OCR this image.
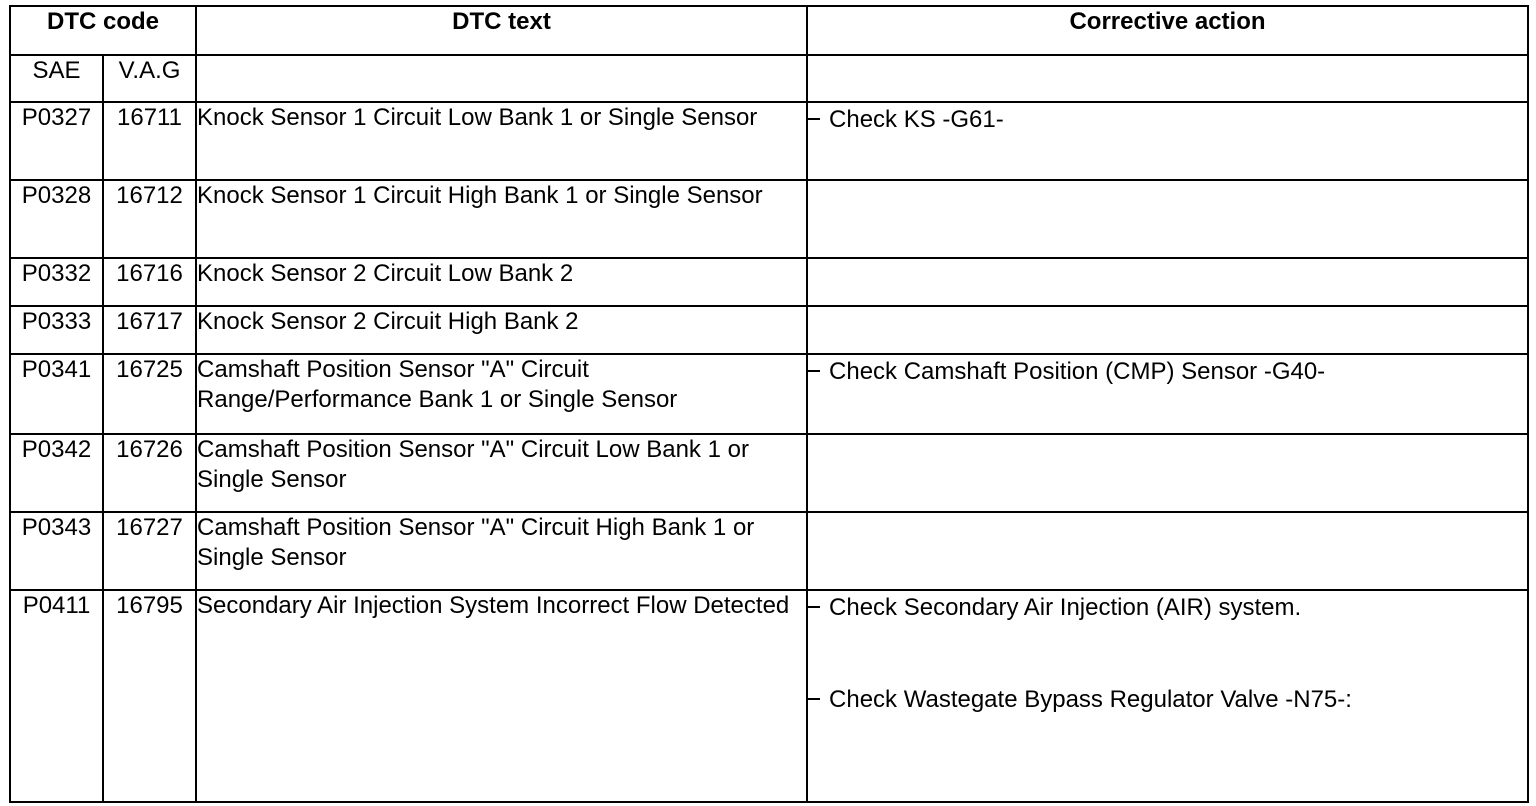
DTC code		DTC text	Corrective action
SAE	V.A.G		
P0327	16711	Knock Sensor 1 Circuit Low Bank 1 or Single Sensor	Check KS -G61-

P0328	16712	Knock Sensor 1 Circuit High Bank 1 or Single Sensor	
P0332	16716	Knock Sensor 2 Circuit Low Bank 2	
P0333	16717	Knock Sensor 2 Circuit High Bank 2	
P0341	16725	Camshaft Position Sensor "A" Circuit Range/Performance Bank 1 or Single Sensor	Check Camshaft Position (CMP) Sensor -G40-

P0342	16726	Camshaft Position Sensor "A" Circuit Low Bank 1 or Single Sensor	
P0343	16727	Camshaft Position Sensor "A" Circuit High Bank 1 or Single Sensor	
P0411	16795	Secondary Air Injection System Incorrect Flow Detected	Check Secondary Air Injection (AIR) system.
Check Wastegate Bypass Regulator Valve -N75-:
